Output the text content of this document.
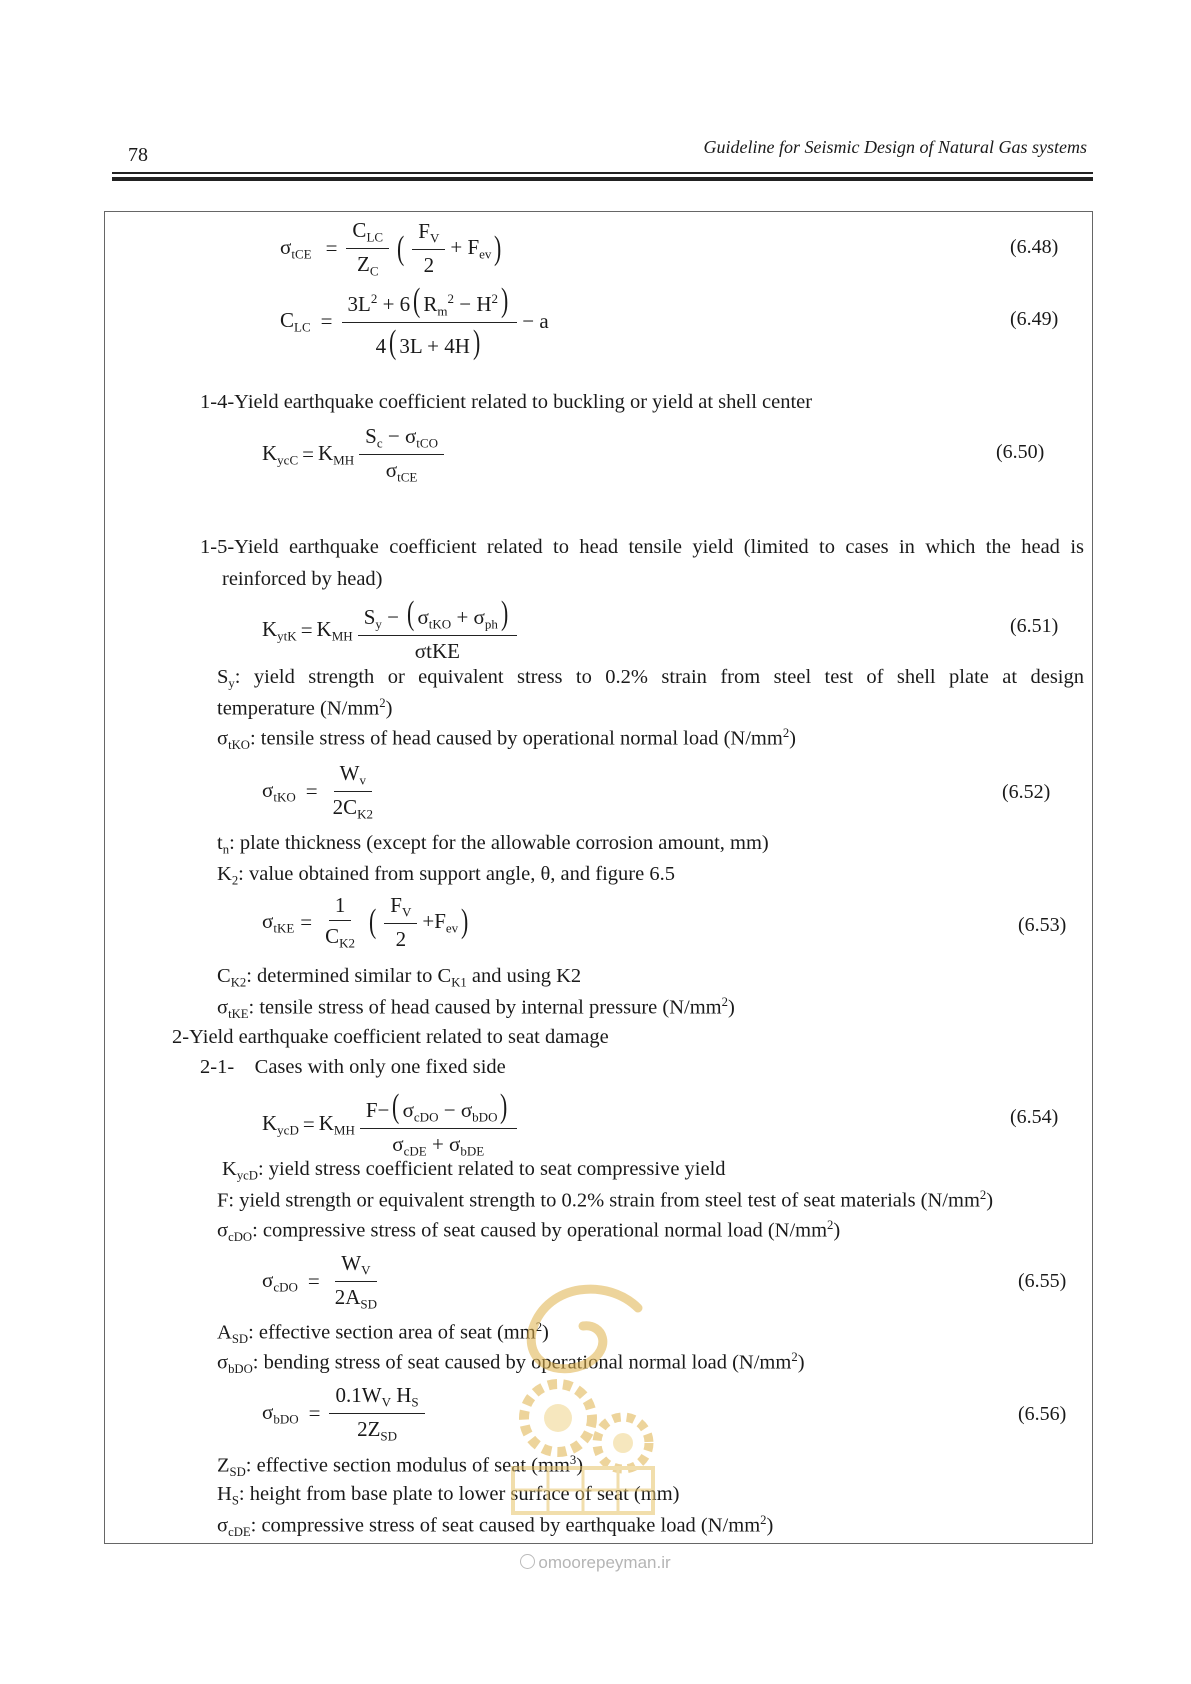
78	Guideline for Seismic Design of Natural Gas systems
$\sigma_{tCE} = \frac{C_{LC}}{Z_C}$ ( $\frac{F_V}{2} + F_{ev}$ )	(6.48)
$C_{LC} = \frac{3L^2 + 6( R_m^2 - H^2)}{4( 3L + 4H)} - a$	(6.49)
1-4-Yield earthquake coefficient related to buckling or yield at shell center
$K_{ycC} = K_{MH} \frac{S_c - \sigma_{tCO}}{\sigma_{tCE}}$	(6.50)
1-5-Yield earthquake coefficient related to head tensile yield (limited to cases in which the head is
reinforced by head)
$K_{ytK} = K_{MH} \frac{S_y - ( \sigma_{tKO} + \sigma_{ph})}{\text{σtKE}}$	(6.51)
$S_y$: yield strength or equivalent stress to 0.2% strain from steel test of shell plate at design
temperature $(N/mm^2)$
$\sigma_{tKO}$: tensile stress of head caused by operational normal load $(N/mm^2)$
$\sigma_{tKO} = \frac{W_v}{2C_{K2}}$	(6.52)
$t_n$: plate thickness (except for the allowable corrosion amount, mm)
$K_2$: value obtained from support angle, θ, and figure 6.5
$\sigma_{tKE} = \frac{1}{C_{K2}}$ ( $\frac{F_V}{2} +F_{ev}$ )	(6.53)
$C_{K2}$: determined similar to $C_{K1}$ and using K2
$\sigma_{tKE}$: tensile stress of head caused by internal pressure $(N/mm^2)$
2-Yield earthquake coefficient related to seat damage
2-1-    Cases with only one fixed side
$K_{ycD} = K_{MH} \frac{F-( \sigma_{cDO} - \sigma_{bDO})}{\sigma_{cDE} + \sigma_{bDE}}$	(6.54)
$K_{ycD}$: yield stress coefficient related to seat compressive yield
F: yield strength or equivalent strength to 0.2% strain from steel test of seat materials $(N/mm^2)$
$\sigma_{cDO}$: compressive stress of seat caused by operational normal load $(N/mm^2)$
$\sigma_{cDO} = \frac{W_V}{2A_{SD}}$	(6.55)
$A_{SD}$: effective section area of seat $(mm^2)$
$\sigma_{bDO}$: bending stress of seat caused by operational normal load $(N/mm^2)$
$\sigma_{bDO} = \frac{0.1W_V H_S}{2Z_{SD}}$	(6.56)
$Z_{SD}$: effective section modulus of seat $(mm^3)$
$H_S$: height from base plate to lower surface of seat (mm)
$\sigma_{cDE}$: compressive stress of seat caused by earthquake load $(N/mm^2)$
omoorepeyman.ir
